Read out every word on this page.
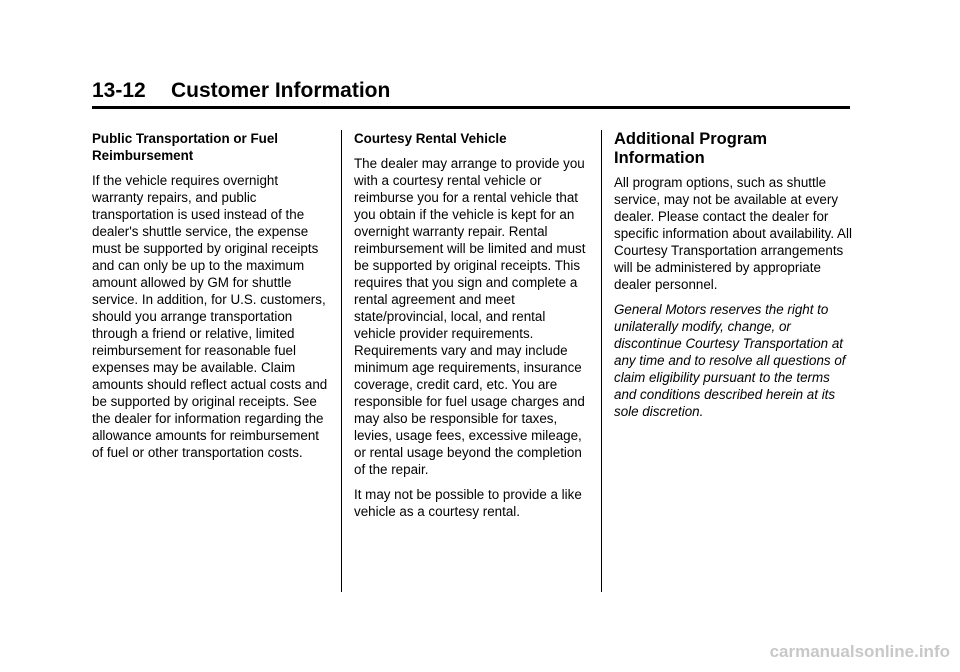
13-12 Customer Information

Public Transportation or Fuel Reimbursement

If the vehicle requires overnight warranty repairs, and public transportation is used instead of the dealer's shuttle service, the expense must be supported by original receipts and can only be up to the maximum amount allowed by GM for shuttle service. In addition, for U.S. customers, should you arrange transportation through a friend or relative, limited reimbursement for reasonable fuel expenses may be available. Claim amounts should reflect actual costs and be supported by original receipts. See the dealer for information regarding the allowance amounts for reimbursement of fuel or other transportation costs.

Courtesy Rental Vehicle

The dealer may arrange to provide you with a courtesy rental vehicle or reimburse you for a rental vehicle that you obtain if the vehicle is kept for an overnight warranty repair. Rental reimbursement will be limited and must be supported by original receipts. This requires that you sign and complete a rental agreement and meet state/provincial, local, and rental vehicle provider requirements. Requirements vary and may include minimum age requirements, insurance coverage, credit card, etc. You are responsible for fuel usage charges and may also be responsible for taxes, levies, usage fees, excessive mileage, or rental usage beyond the completion of the repair.

It may not be possible to provide a like vehicle as a courtesy rental.

Additional Program Information

All program options, such as shuttle service, may not be available at every dealer. Please contact the dealer for specific information about availability. All Courtesy Transportation arrangements will be administered by appropriate dealer personnel.

General Motors reserves the right to unilaterally modify, change, or discontinue Courtesy Transportation at any time and to resolve all questions of claim eligibility pursuant to the terms and conditions described herein at its sole discretion.

carmanualsonline.info
